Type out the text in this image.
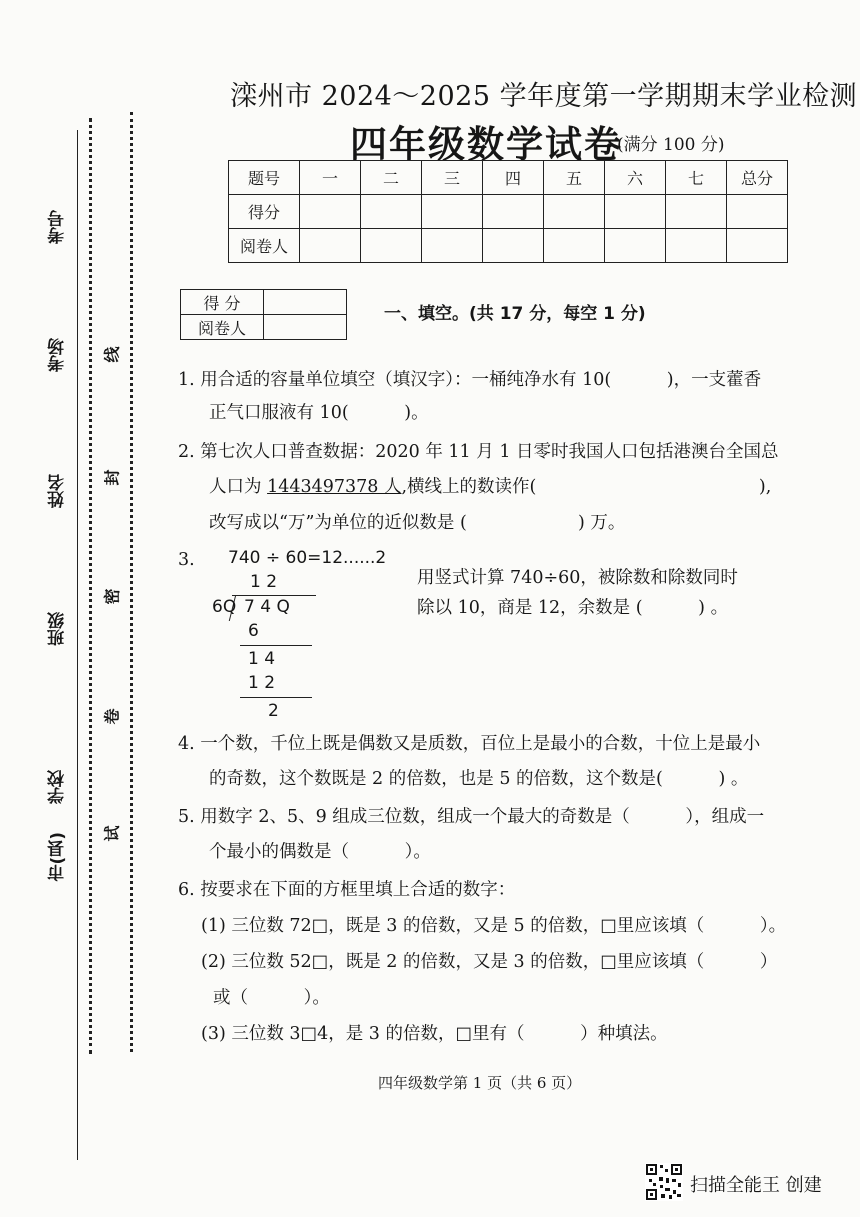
考号
考场
姓名
班级
学校
市(县)
线
封
密
卷
试
滦州市 2024～2025 学年度第一学期期末学业检测
四年级数学试卷
(满分 100 分)
题号	一	二	三	四	五	六	七	总分
得分								
阅卷人								
得 分	
阅卷人	
一、填空。(共 17 分，每空 1 分)
1. 用合适的容量单位填空（填汉字）：一桶纯净水有 10(          )，一支藿香
正气口服液有 10(          )。
2. 第七次人口普查数据：2020 年 11 月 1 日零时我国人口包括港澳台全国总
人口为 1443497378 人,横线上的数读作(                                        ),
改写成以“万”为单位的近似数是 (                    ) 万。
3. 740 ÷ 60=12......2
1 2
6Q 7 4 Q
6
1 4
1 2
2
用竖式计算 740÷60，被除数和除数同时
除以 10，商是 12，余数是 (          ) 。
4. 一个数，千位上既是偶数又是质数，百位上是最小的合数，十位上是最小
的奇数，这个数既是 2 的倍数，也是 5 的倍数，这个数是(          ) 。
5. 用数字 2、5、9 组成三位数，组成一个最大的奇数是（          ），组成一
个最小的偶数是（          ）。
6. 按要求在下面的方框里填上合适的数字：
(1) 三位数 72□，既是 3 的倍数，又是 5 的倍数，□里应该填（          ）。
(2) 三位数 52□，既是 2 的倍数，又是 3 的倍数，□里应该填（          ）
或（          ）。
(3) 三位数 3□4，是 3 的倍数，□里有（          ）种填法。
四年级数学第 1 页（共 6 页）
扫描全能王 创建
